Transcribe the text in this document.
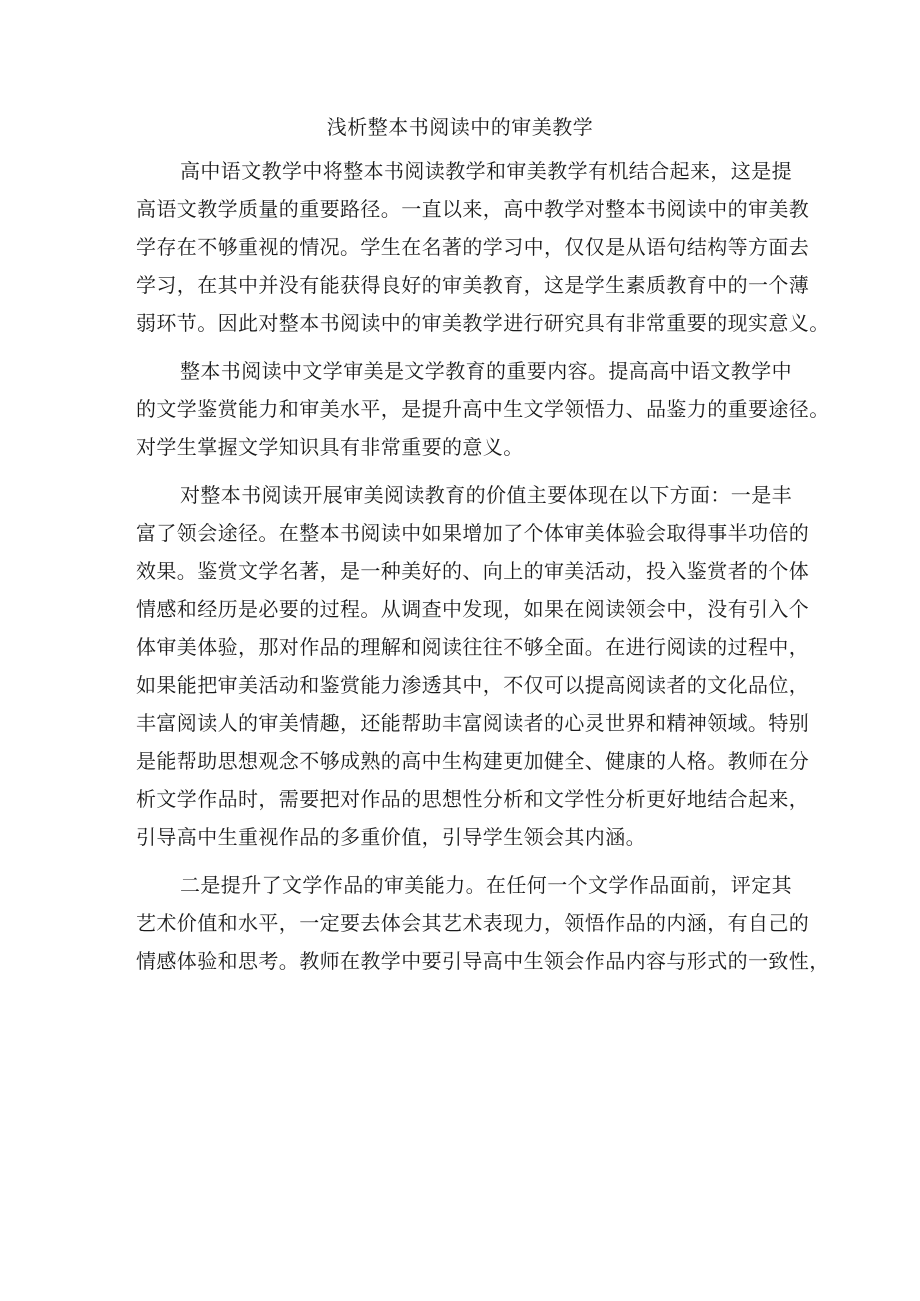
浅析整本书阅读中的审美教学

高中语文教学中将整本书阅读教学和审美教学有机结合起来，这是提
高语文教学质量的重要路径。一直以来，高中教学对整本书阅读中的审美教
学存在不够重视的情况。学生在名著的学习中，仅仅是从语句结构等方面去
学习，在其中并没有能获得良好的审美教育，这是学生素质教育中的一个薄
弱环节。因此对整本书阅读中的审美教学进行研究具有非常重要的现实意义。

整本书阅读中文学审美是文学教育的重要内容。提高高中语文教学中
的文学鉴赏能力和审美水平，是提升高中生文学领悟力、品鉴力的重要途径。
对学生掌握文学知识具有非常重要的意义。

对整本书阅读开展审美阅读教育的价值主要体现在以下方面：一是丰
富了领会途径。在整本书阅读中如果增加了个体审美体验会取得事半功倍的
效果。鉴赏文学名著，是一种美好的、向上的审美活动，投入鉴赏者的个体
情感和经历是必要的过程。从调查中发现，如果在阅读领会中，没有引入个
体审美体验，那对作品的理解和阅读往往不够全面。在进行阅读的过程中，
如果能把审美活动和鉴赏能力渗透其中，不仅可以提高阅读者的文化品位，
丰富阅读人的审美情趣，还能帮助丰富阅读者的心灵世界和精神领域。特别
是能帮助思想观念不够成熟的高中生构建更加健全、健康的人格。教师在分
析文学作品时，需要把对作品的思想性分析和文学性分析更好地结合起来，
引导高中生重视作品的多重价值，引导学生领会其内涵。

二是提升了文学作品的审美能力。在任何一个文学作品面前，评定其
艺术价值和水平，一定要去体会其艺术表现力，领悟作品的内涵，有自己的
情感体验和思考。教师在教学中要引导高中生领会作品内容与形式的一致性，
